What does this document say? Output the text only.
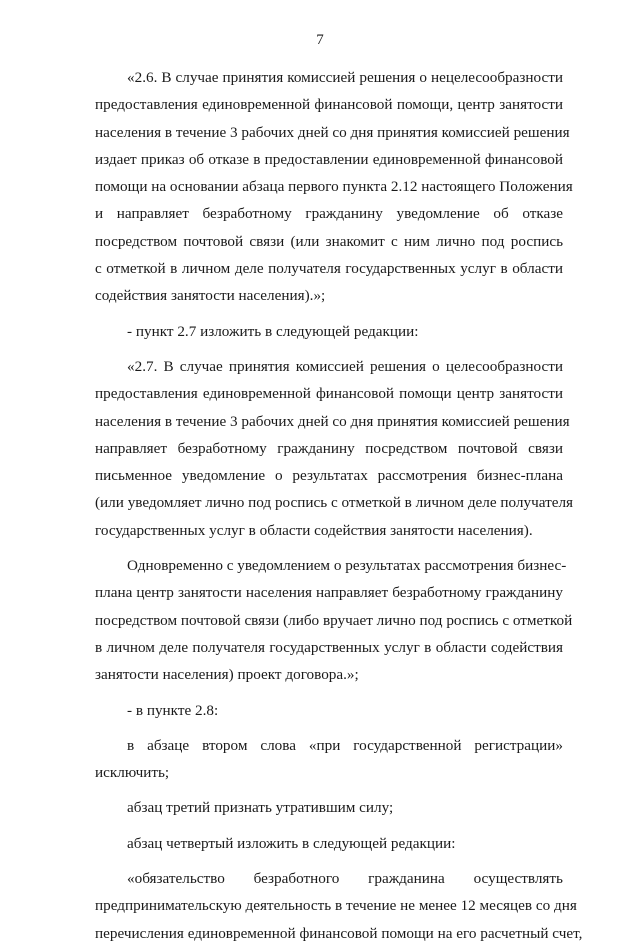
7
«2.6. В случае принятия комиссией решения о нецелесообразности
предоставления единовременной финансовой помощи, центр занятости
населения в течение 3 рабочих дней со дня принятия комиссией решения
издает приказ об отказе в предоставлении единовременной финансовой
помощи на основании абзаца первого пункта 2.12 настоящего Положения
и направляет безработному гражданину уведомление об отказе
посредством почтовой связи (или знакомит с ним лично под роспись
с отметкой в личном деле получателя государственных услуг в области
содействия занятости населения).»;
- пункт 2.7 изложить в следующей редакции:
«2.7. В случае принятия комиссией решения о целесообразности
предоставления единовременной финансовой помощи центр занятости
населения в течение 3 рабочих дней со дня принятия комиссией решения
направляет безработному гражданину посредством почтовой связи
письменное уведомление о результатах рассмотрения бизнес-плана
(или уведомляет лично под роспись с отметкой в личном деле получателя
государственных услуг в области содействия занятости населения).
Одновременно с уведомлением о результатах рассмотрения бизнес-
плана центр занятости населения направляет безработному гражданину
посредством почтовой связи (либо вручает лично под роспись с отметкой
в личном деле получателя государственных услуг в области содействия
занятости населения) проект договора.»;
- в пункте 2.8:
в абзаце втором слова «при государственной регистрации»
исключить;
абзац третий признать утратившим силу;
абзац четвертый изложить в следующей редакции:
«обязательство безработного гражданина осуществлять
предпринимательскую деятельность в течение не менее 12 месяцев со дня
перечисления единовременной финансовой помощи на его расчетный счет,
